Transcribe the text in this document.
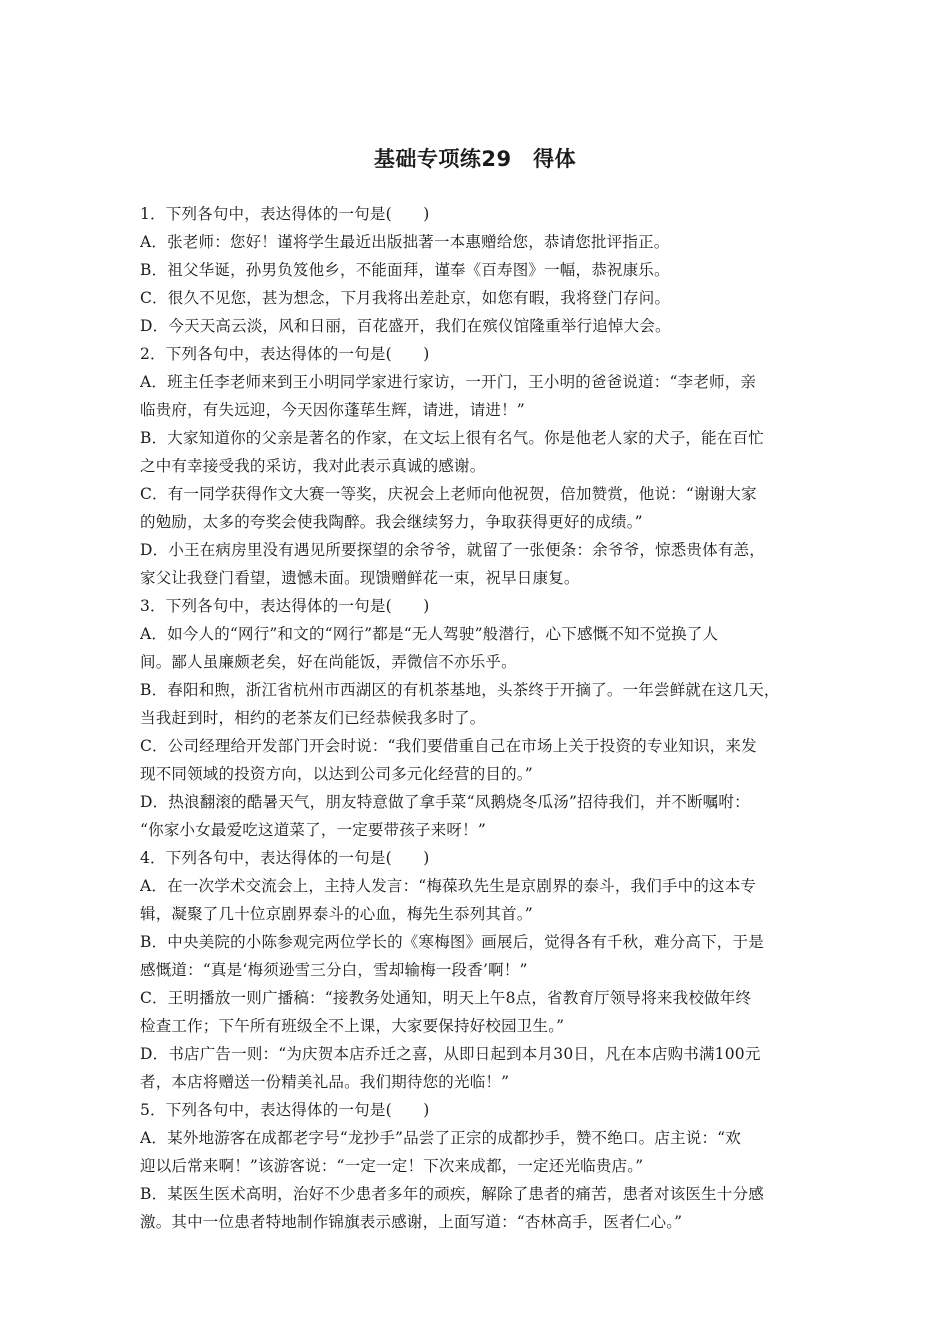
基础专项练29　得体
1．下列各句中，表达得体的一句是(　　)
A．张老师：您好！谨将学生最近出版拙著一本惠赠给您，恭请您批评指正。
B．祖父华诞，孙男负笈他乡，不能面拜，谨奉《百寿图》一幅，恭祝康乐。
C．很久不见您，甚为想念，下月我将出差赴京，如您有暇，我将登门存问。
D．今天天高云淡，风和日丽，百花盛开，我们在殡仪馆隆重举行追悼大会。
2．下列各句中，表达得体的一句是(　　)
A．班主任李老师来到王小明同学家进行家访，一开门，王小明的爸爸说道：“李老师，亲
临贵府，有失远迎，今天因你蓬荜生辉，请进，请进！”
B．大家知道你的父亲是著名的作家，在文坛上很有名气。你是他老人家的犬子，能在百忙
之中有幸接受我的采访，我对此表示真诚的感谢。
C．有一同学获得作文大赛一等奖，庆祝会上老师向他祝贺，倍加赞赏，他说：“谢谢大家
的勉励，太多的夸奖会使我陶醉。我会继续努力，争取获得更好的成绩。”
D．小王在病房里没有遇见所要探望的余爷爷，就留了一张便条：余爷爷，惊悉贵体有恙，
家父让我登门看望，遗憾未面。现馈赠鲜花一束，祝早日康复。
3．下列各句中，表达得体的一句是(　　)
A．如今人的“网行”和文的“网行”都是“无人驾驶”般潜行，心下感慨不知不觉换了人
间。鄙人虽廉颇老矣，好在尚能饭，弄微信不亦乐乎。
B．春阳和煦，浙江省杭州市西湖区的有机茶基地，头茶终于开摘了。一年尝鲜就在这几天，
当我赶到时，相约的老茶友们已经恭候我多时了。
C．公司经理给开发部门开会时说：“我们要借重自己在市场上关于投资的专业知识，来发
现不同领域的投资方向，以达到公司多元化经营的目的。”
D．热浪翻滚的酷暑天气，朋友特意做了拿手菜“凤鹅烧冬瓜汤”招待我们，并不断嘱咐：
“你家小女最爱吃这道菜了，一定要带孩子来呀！”
4．下列各句中，表达得体的一句是(　　)
A．在一次学术交流会上，主持人发言：“梅葆玖先生是京剧界的泰斗，我们手中的这本专
辑，凝聚了几十位京剧界泰斗的心血，梅先生忝列其首。”
B．中央美院的小陈参观完两位学长的《寒梅图》画展后，觉得各有千秋，难分高下，于是
感慨道：“真是‘梅须逊雪三分白，雪却输梅一段香’啊！”
C．王明播放一则广播稿：“接教务处通知，明天上午8点，省教育厅领导将来我校做年终
检查工作；下午所有班级全不上课，大家要保持好校园卫生。”
D．书店广告一则：“为庆贺本店乔迁之喜，从即日起到本月30日，凡在本店购书满100元
者，本店将赠送一份精美礼品。我们期待您的光临！”
5．下列各句中，表达得体的一句是(　　)
A．某外地游客在成都老字号“龙抄手”品尝了正宗的成都抄手，赞不绝口。店主说：“欢
迎以后常来啊！”该游客说：“一定一定！下次来成都，一定还光临贵店。”
B．某医生医术高明，治好不少患者多年的顽疾，解除了患者的痛苦，患者对该医生十分感
激。其中一位患者特地制作锦旗表示感谢，上面写道：“杏林高手，医者仁心。”
